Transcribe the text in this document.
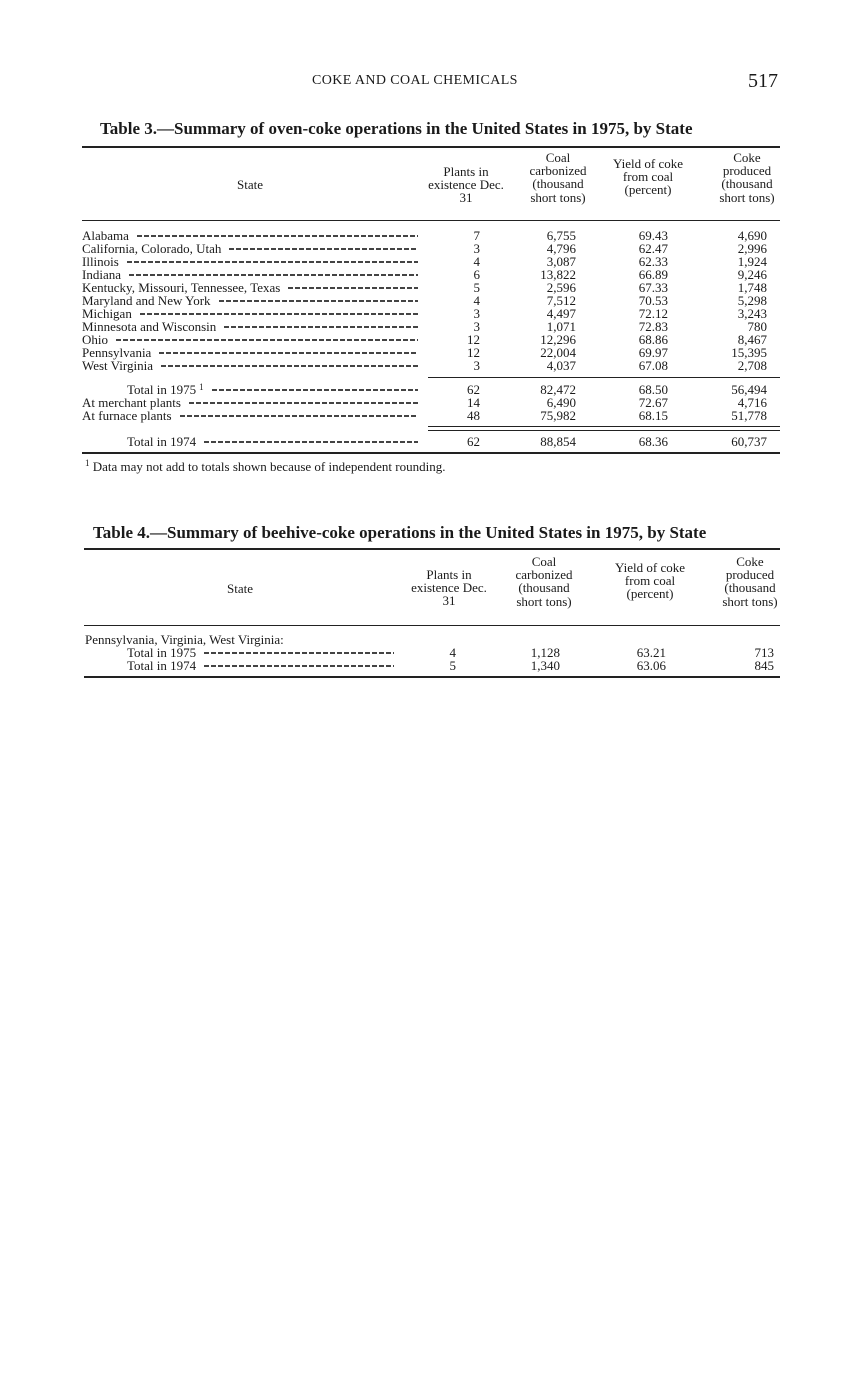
COKE AND COAL CHEMICALS	517
Table 3.—Summary of oven-coke operations in the United States in 1975, by State
State
Plants in existence Dec. 31
Coal carbonized (thousand short tons)
Yield of coke from coal (percent)
Coke produced (thousand short tons)
Alabama	7	6,755	69.43	4,690
California, Colorado, Utah	3	4,796	62.47	2,996
Illinois	4	3,087	62.33	1,924
Indiana	6	13,822	66.89	9,246
Kentucky, Missouri, Tennessee, Texas	5	2,596	67.33	1,748
Maryland and New York	4	7,512	70.53	5,298
Michigan	3	4,497	72.12	3,243
Minnesota and Wisconsin	3	1,071	72.83	780
Ohio	12	12,296	68.86	8,467
Pennsylvania	12	22,004	69.97	15,395
West Virginia	3	4,037	67.08	2,708
Total in 1975 $^1$	62	82,472	68.50	56,494
At merchant plants	14	6,490	72.67	4,716
At furnace plants	48	75,982	68.15	51,778
Total in 1974	62	88,854	68.36	60,737
$^1$ Data may not add to totals shown because of independent rounding.
Table 4.—Summary of beehive-coke operations in the United States in 1975, by State
State
Plants in existence Dec. 31
Coal carbonized (thousand short tons)
Yield of coke from coal (percent)
Coke produced (thousand short tons)
Pennsylvania, Virginia, West Virginia:
Total in 1975	4	1,128	63.21	713
Total in 1974	5	1,340	63.06	845
